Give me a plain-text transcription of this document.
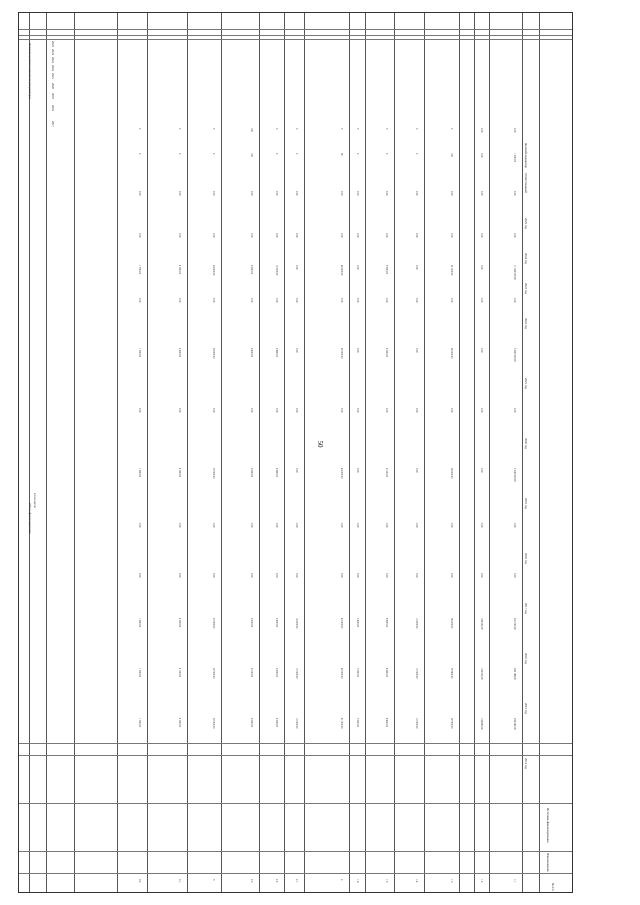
50
Объем финансирования
в том числе
Значение целевого показателя (индикатора)
№ п/п
Наименование
Источник финансирования
2014 год
2015 год
2016 год
2017 год
2018 год
2019 год
2020 год
2021 год
2022 год
2023 год
2024 год
2025 год
Ответственный
Целевой индикатор
2017
2018
2019
2020
2021
2022
2023
2024
2025
1.1.
234 567,00
239 188,00
241 000,00
0,00
0,00
7 245 000,00
0,00
5 000 000,00
0,00
11 245 000,00
0,00
0,00
1 200,00
0,00
1.2.
134 890,00
136 000,00
138 500,00
0,00
0,00
0,00
0,00
0,00
0,00
0,00
0,00
0,00
0,00
0,00
1.3.
57 000,00
57 800,00
58 200,00
0,00
0,00
59 000,00
0,00
60 000,00
0,00
61 000,00
0,00
0,00
100
0
1.4.
12 000,00
12 500,00
13 000,00
0,00
0,00
0,00
0,00
0,00
0,00
0,00
0,00
0,00
0
0
1.5.
8 400,00
8 600,00
8 900,00
0,00
0,00
9 100,00
0,00
9 300,00
0,00
9 500,00
0,00
0,00
0
0
1.6.
3 200,00
3 300,00
3 400,00
0,00
0,00
0,00
0,00
0,00
0,00
0,00
0,00
0,00
0
0
2.
41 000,00
42 000,00
43 000,00
0,00
0,00
44 000,00
0,00
45 000,00
0,00
46 000,00
0,00
0,00
95
0
2.1.
15 000,00
15 500,00
16 000,00
0,00
0,00
0,00
0,00
0,00
0,00
0,00
0,00
0,00
0
0
2.2.
9 000,00
9 200,00
9 400,00
0,00
0,00
9 600,00
0,00
9 800,00
0,00
10 000,00
0,00
0,00
0
0
2.3.
6 000,00
6 100,00
6 200,00
0,00
0,00
6 300,00
0,00
6 400,00
0,00
6 500,00
0,00
0,00
100
100
3.
22 000,00
22 500,00
23 000,00
0,00
0,00
23 500,00
0,00
24 000,00
0,00
24 500,00
0,00
0,00
0
0
3.1.
4 000,00
4 100,00
4 200,00
0,00
0,00
4 300,00
0,00
4 400,00
0,00
4 500,00
0,00
0,00
0
0
3.2.
1 500,00
1 550,00
1 600,00
0,00
0,00
1 650,00
0,00
1 700,00
0,00
1 750,00
0,00
0,00
0
0
